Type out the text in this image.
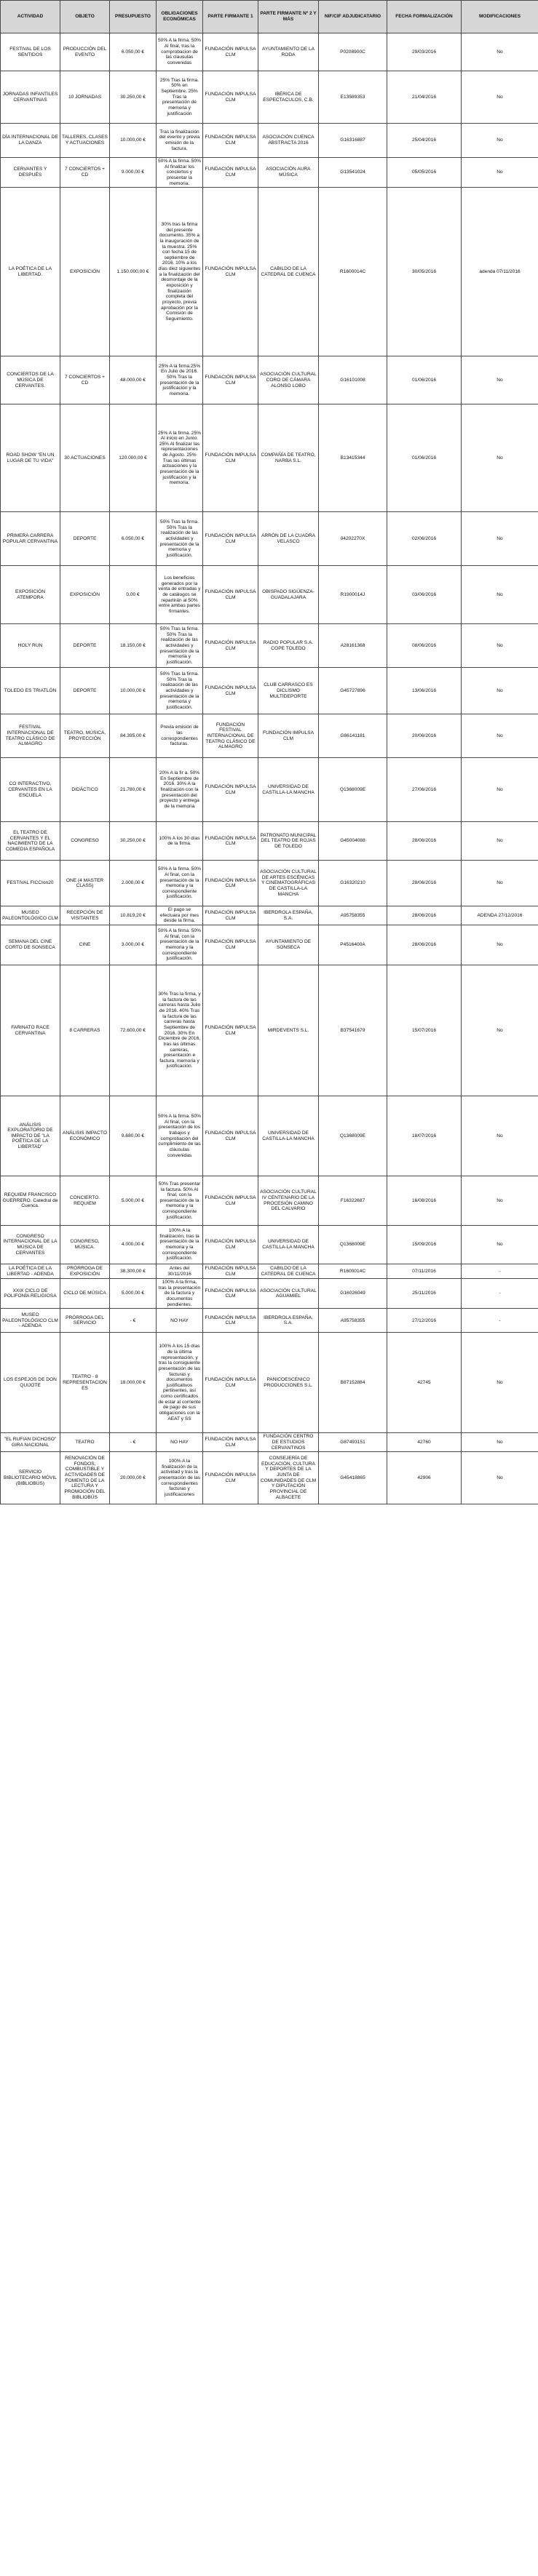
ACTIVIDAD	OBJETO	PRESUPUESTO	OBLIGACIONES ECONÓMICAS	PARTE FIRMANTE 1	PARTE FIRMANTE Nº 2 Y MÁS	NIF/CIF ADJUDICATARIO	FECHA FORMALIZACIÓN	MODIFICACIONES
FESTIVAL DE LOS SENTIDOS	PRODUCCIÓN DEL EVENTO	6.050,00 €	50% A la firma. 50% Al final, tras la comprobacion de las clausulas convenidas	FUNDACIÓN IMPULSA CLM	AYUNTAMIENTO DE LA RODA	P0208900C	29/03/2016	No
JORNADAS INFANTILES CERVANTINAS	10 JORNADAS	30.250,00 €	25% Tras la firma. 50% en Septiembre. 25% Tras la presentación de memoria y justificación	FUNDACIÓN IMPULSA CLM	IBÉRICA DE ESPECTACULOS, C.B.	E13589353	21/04/2016	No
DÍA INTERNACIONAL DE LA DANZA	TALLERES, CLASES Y ACTUACIONES	10.000,00 €	Tras la finalización del evento y previa emisión de la factura.	FUNDACIÓN IMPULSA CLM	ASOCIACIÓN CUENCA ABSTRACTA 2016	G16316887	25/04/2016	No
CERVANTES Y DESPUÉS	7 CONCIERTOS + CD	9.000,00 €	50% A la firma. 50% Al finalizar los conciertos y presentar la memoria.	FUNDACIÓN IMPULSA CLM	ASOCIACIÓN AURA MÚSICA	G13541024	05/05/2016	No
LA POÉTICA DE LA LIBERTAD.	EXPOSICIÓN	1.150.000,00 €	30% tras la firma del presente documento. 35% a la inauguración de la muestra. 25% con fecha 15 de septiembre de 2016. 10% a los días diez siguientes a la finalización del desmontaje de la exposición y finalización completa del proyecto, previa aprobación por la Comisión de Seguimiento.	FUNDACIÓN IMPULSA CLM	CABILDO DE LA CATEDRAL DE CUENCA	R1600014C	30/05/2016	adenda 07/11/2016
CONCIERTOS DE LA MÚSICA DE CERVANTES.	7 CONCIERTOS + CD	48.000,00 €	25% A la firma.25% En Julio de 2016. 50% Tras la presentación de la justificación y la memoria.	FUNDACIÓN IMPULSA CLM	ASOCIACIÓN CULTURAL CORO DE CÁMARA ALONSO LOBO	G16101008	01/06/2016	No
ROAD SHOW "EN UN LUGAR DE TU VIDA"	30 ACTUACIONES	120.000,00 €	25% A la firma. 25% Al inicio en Junio. 25% Al finalizar las representaciones de Agosto. 25% Tras las últimas actuaciones y la presentación de la justificación y la memoria.	FUNDACIÓN IMPULSA CLM	COMPAÑÍA DE TEATRO, NARBA S.L.	B13415344	01/06/2016	No
PRIMERA CARRERA POPULAR CERVANTINA	DEPORTE	6.050,00 €	50% Tras la firma. 50% Tras la realización de las actividades y presentación de la memoria y justificación.	FUNDACIÓN IMPULSA CLM	ARRÓN DE LA CUADRA VELASCO	04202270X	02/06/2016	No
EXPOSICIÓN ATEMPORA	EXPOSICIÓN	0,00 €	Los beneficios generados por la venta de entradas y de catálogos se repartirán al 50% entre ambas partes firmantes.	FUNDACIÓN IMPULSA CLM	OBISPADO SIGÜENZA-GUADALAJARA	R1900014J	03/06/2016	No
HOLY RUN	DEPORTE	18.150,00 €	50% Tras la firma. 50% Tras la realización de las actividades y presentación de la memoria y justificación.	FUNDACIÓN IMPULSA CLM	RADIO POPULAR S.A. COPE TOLEDO	A28161368	08/06/2016	No
TOLEDO ES TRIATLÓN	DEPORTE	10.000,00 €	50% Tras la firma. 50% Tras la realización de las actividades y presentación de la memoria y justificación.	FUNDACIÓN IMPULSA CLM	CLUB CARRASCO ES DICLISMO MULTIDEPORTE	G45727896	13/06/2016	No
FESTIVAL INTERNACIONAL DE TEATRO CLÁSICO DE ALMAGRO	TEATRO, MÚSICA, PROYECCIÓN	84.395,00 €	Previa emisión de las correspondientes facturas.	FUNDACIÓN FESTIVAL INTERNACIONAL DE TEATRO CLÁSICO DE ALMAGRO	FUNDACIÓN IMPULSA CLM	G86141181	20/06/2016	No
CO INTERACTIVO, CERVANTES EN LA ESCUELA	DIDÁCTICO	21.780,00 €	20% A la fir a. 50% En Septiembre de 2016. 30% A la finalización con la presentación del proyecto y entrega de la memoria	FUNDACIÓN IMPULSA CLM	UNIVERSIDAD DE CASTILLA-LA MANCHA	Q1368009E	27/06/2016	No
EL TEATRO DE CERVANTES Y EL NACIMIENTO DE LA COMEDIA ESPAÑOLA	CONGRESO	30.250,00 €	100% A los 30 días de la firma.	FUNDACIÓN IMPULSA CLM	PATRONATO MUNICIPAL DEL TEATRO DE ROJAS DE TOLEDO	G45004088	28/06/2016	No
FESTIVAL FICCIon20	ONE (4 MASTER CLASS)	2.000,00 €	50% A la firma. 50% Al final, con la presentación de la memoria y la correspondiente justificación.	FUNDACIÓN IMPULSA CLM	ASOCIACIÓN CULTURAL DE ARTES ESCÉNICAS Y CINEMATOGRÁFICAS DE CASTILLA-LA MANCHA	G16320210	28/06/2016	No
MUSEO PALEONTOLÓGICO CLM	RECEPCIÓN DE VISITANTES	10.819,20 €	El pago se efectuara por mes desde la firma.	FUNDACIÓN IMPULSA CLM	IBERDROLA ESPAÑA, S.A.	A95758355	28/06/2016	ADENDA 27/12/2016
SEMANA DEL CINE CORTO DE SONSECA	CINE	3.000,00 €	50% A la firma. 50% Al final, con la presentación de la memoria y la correspondiente justificación.	FUNDACIÓN IMPULSA CLM	AYUNTAMIENTO DE SONSECA	P4516400A	28/06/2016	No
FARINATO RACE CERVANTINA	8 CARRERAS	72.600,00 €	30% Tras la firma, y la factura de las carreras hasta Julio de 2016. 40% Tras la factura de las carreras hasta Septiembre de 2016. 30% En Diciembre de 2016, tras las últimas carreras, presentación e factura, memoria y justificación.	FUNDACIÓN IMPULSA CLM	MIRDEVENTS S.L.	B37541679	15/07/2016	No
ANÁLISIS EXPLORATORIO DE IMPACTO DE "LA POÉTICA DE LA LIBERTAD"	ANÁLISIS IMPACTO ECONÓMICO	9.680,00 €	50% A la firma. 50% Al final, con la presentación de los trabajos y comprobación del cumplimiento de las cláusulas convenidas	FUNDACIÓN IMPULSA CLM	UNIVERSIDAD DE CASTILLA-LA MANCHA	Q1368009E	18/07/2016	No
REQUIEM FRANCISCO GUERRERO. Catedral de Cuenca.	CONCIERTO. REQUIEM	5.000,00 €	50% Tras presentar la factura. 50% Al final, con la presentación de la memoria y la correspondiente justificación.	FUNDACIÓN IMPULSA CLM	ASOCIACIÓN CULTURAL IV CENTENARIO DE LA PROCESIÓN CAMINO DEL CALVARIO	F16322687	16/08/2016	No
CONGRESO INTERNACIONAL DE LA MÚSICA DE CERVANTES	CONGRESO, MÚSICA.	4.000,00 €	100% A la finalización, tras la presentación de la memoria y la correspondiente justificación.	FUNDACIÓN IMPULSA CLM	UNIVERSIDAD DE CASTILLA-LA MANCHA	Q1368009E	15/09/2016	No
LA POÉTICA DE LA LIBERTAD - ADENDA	PRÓRROGA DE EXPOSICIÓN	38.300,00 €	Antes del 30/11/2016	FUNDACIÓN IMPULSA CLM	CABILDO DE LA CATEDRAL DE CUENCA	R1600014C	07/11/2016	-
XXIX CICLO DE POLIFONÍA RELIGIOSA	CICLO DE MÚSICA	5.000,00 €	100% A la firma, tras la presentación de la factura y documentos pendientes.	FUNDACIÓN IMPULSA CLM	ASOCIACIÓN CULTURAL AGUAMIEL	G16026049	25/11/2016	-
MUSEO PALEONTOLÓGICO CLM - ADENDA	PRÓRROGA DEL SERVICIO	- €	NO HAY	FUNDACIÓN IMPULSA CLM	IBERDROLA ESPAÑA, S.A.	A95758355	27/12/2016	-
LOS ESPEJOS DE DON QUIJOTE	TEATRO - 8 REPRESENTACIONES	18.000,00 €	100% A los 15 días de la última representación, y tras la consiguiente presentación de las facturas y documentos justificativos pertinentes, así como certificados de estar al corriente de pago de sus obligaciones con la AEAT y SS	FUNDACIÓN IMPULSA CLM	PANICOESCENICO PRODUCCIONES S.L.	B87152884	42745	No
"EL RUFIAN DICHOSO" GIRA NACIONAL	TEATRO	- €	NO HAY	FUNDACIÓN IMPULSA CLM	FUNDACIÓN CENTRO DE ESTUDIOS CERVANTINOS	G87493151	42760	No
SERVICIO BIBLIOTECARIO MÓVIL (BIBLIOBÚS)	RENOVACIÓN DE FONDOS, COMBUSTIBLE Y ACTIVIDADES DE FOMENTO DE LA LECTURA Y PROMOCIÓN DEL BIBLIOBÚS	20.000,00 €	100% A la finalización de la actividad y tras la presentación de las correspondientes facturas y justificaciones	FUNDACIÓN IMPULSA CLM	CONSEJERÍA DE EDUCACIÓN, CULTURA Y DEPORTES DE LA JUNTA DE COMUNIDADES DE CLM Y DIPUTACIÓN PROVINCIAL DE ALBACETE	G45418865	42906	No
